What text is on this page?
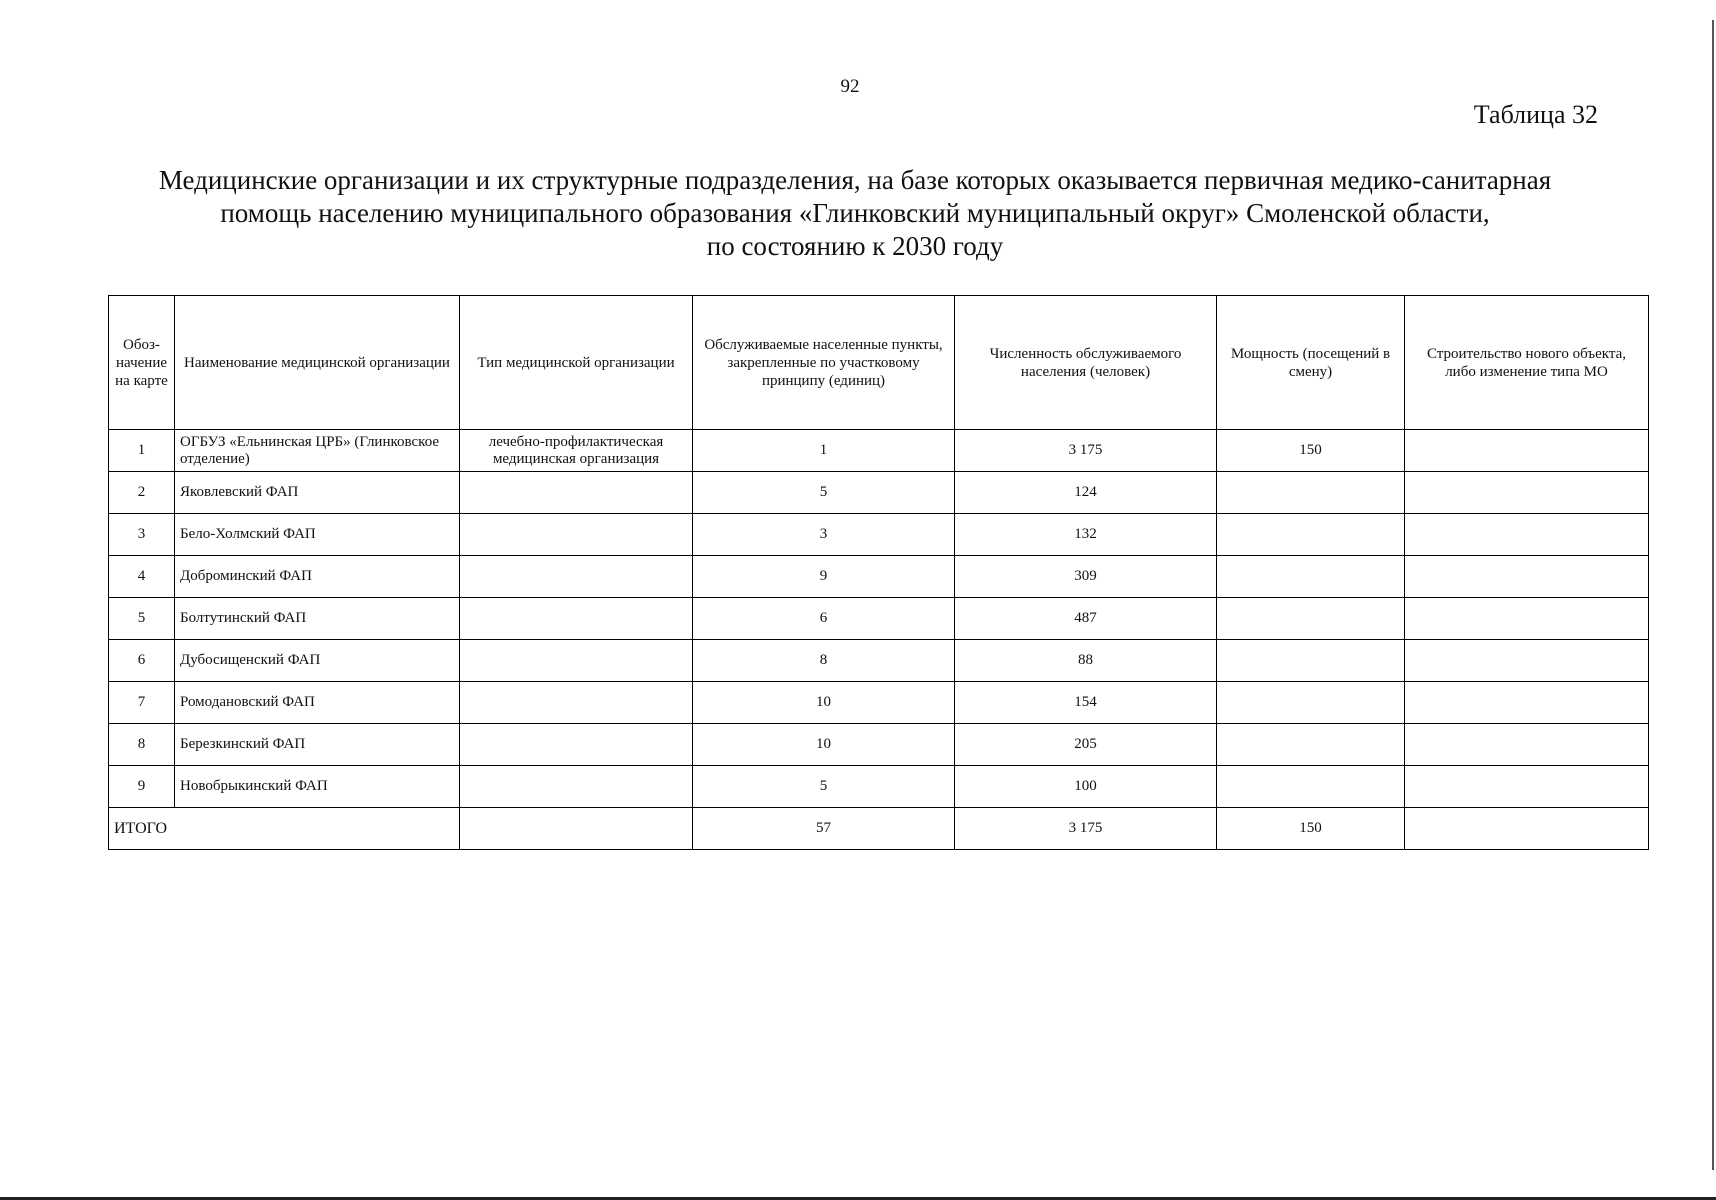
92
Таблица 32
Медицинские организации и их структурные подразделения, на базе которых оказывается первичная медико-санитарная
помощь населению муниципального образования «Глинковский муниципальный округ» Смоленской области,
по состоянию к 2030 году
Обоз-
начение
на карте	Наименование медицинской организации	Тип медицинской организации	Обслуживаемые населенные пункты, закрепленные по участковому принципу (единиц)	Численность обслуживаемого населения (человек)	Мощность (посещений в смену)	Строительство нового объекта, либо изменение типа МО
1	ОГБУЗ «Ельнинская ЦРБ» (Глинковское отделение)	лечебно-профилактическая медицинская организация	1	3 175	150	
2	Яковлевский ФАП		5	124		
3	Бело-Холмский ФАП		3	132		
4	Доброминский ФАП		9	309		
5	Болтутинский ФАП		6	487		
6	Дубосищенский ФАП		8	88		
7	Ромодановский ФАП		10	154		
8	Березкинский ФАП		10	205		
9	Новобрыкинский ФАП		5	100		
ИТОГО			57	3 175	150	
